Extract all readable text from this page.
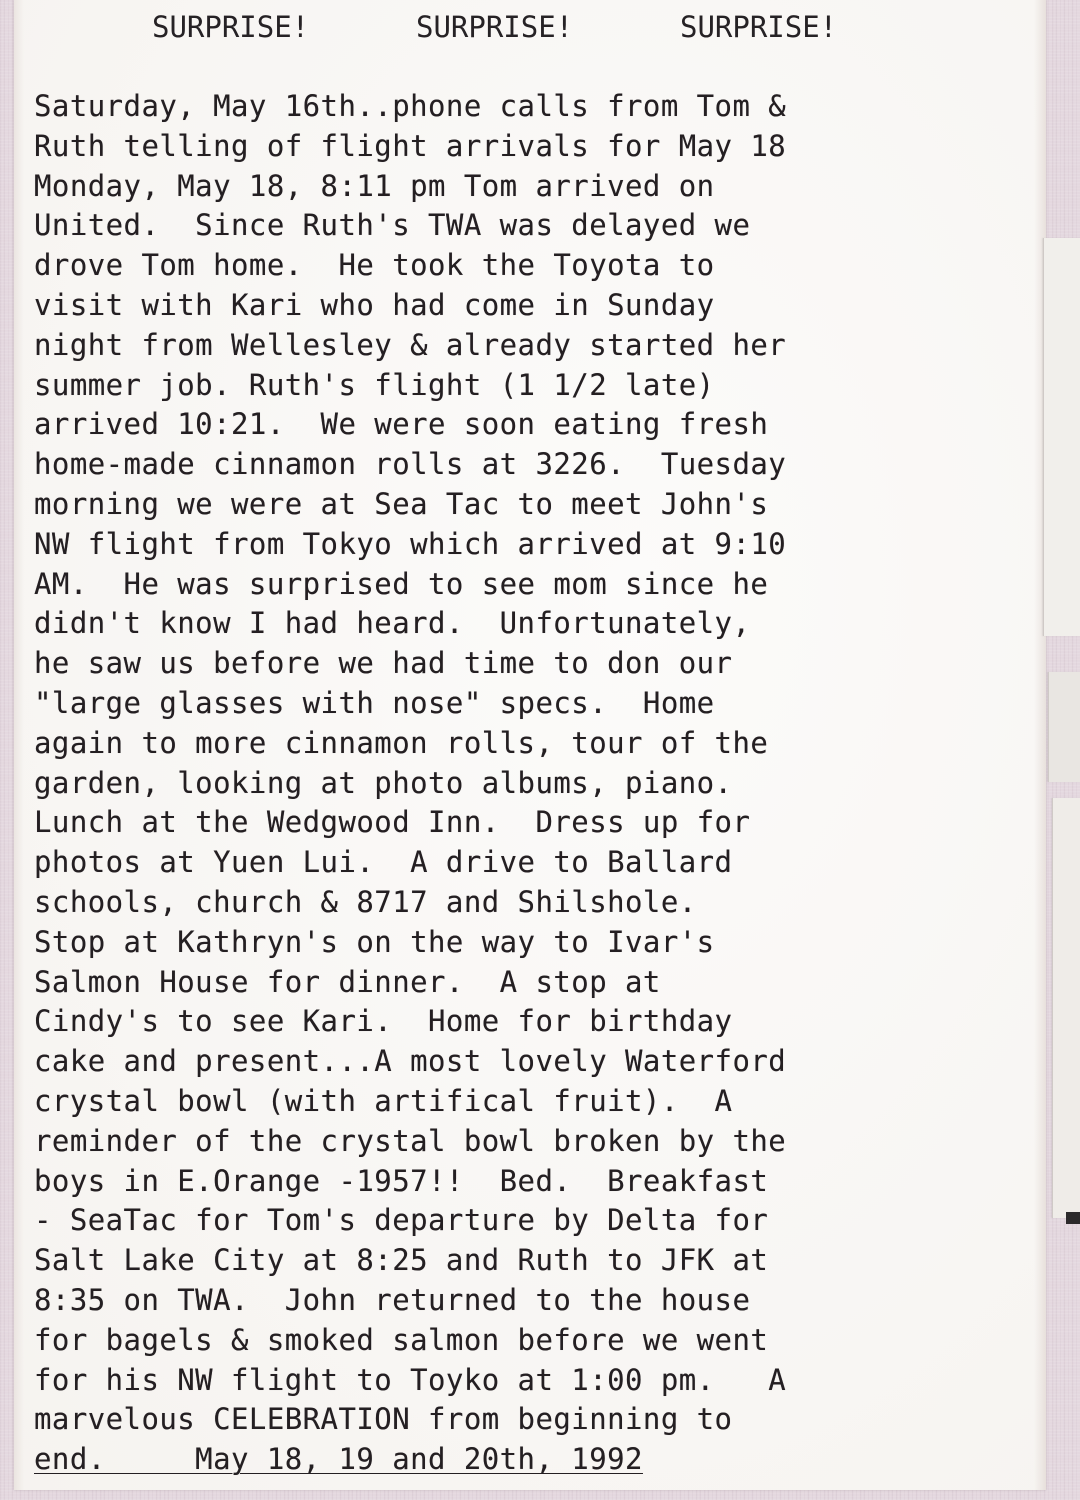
SURPRISE!

	SURPRISE!

	SURPRISE!

Saturday, May 16th..phone calls from Tom &
Ruth telling of flight arrivals for May 18
Monday, May 18, 8:11 pm Tom arrived on
United.  Since Ruth's TWA was delayed we
drove Tom home.  He took the Toyota to
visit with Kari who had come in Sunday
night from Wellesley & already started her
summer job. Ruth's flight (1 1/2 late)
arrived 10:21.  We were soon eating fresh
home-made cinnamon rolls at 3226.  Tuesday
morning we were at Sea Tac to meet John's
NW flight from Tokyo which arrived at 9:10
AM.  He was surprised to see mom since he
didn't know I had heard.  Unfortunately,
he saw us before we had time to don our
"large glasses with nose" specs.  Home
again to more cinnamon rolls, tour of the
garden, looking at photo albums, piano.
Lunch at the Wedgwood Inn.  Dress up for
photos at Yuen Lui.  A drive to Ballard
schools, church & 8717 and Shilshole.
Stop at Kathryn's on the way to Ivar's
Salmon House for dinner.  A stop at
Cindy's to see Kari.  Home for birthday
cake and present...A most lovely Waterford
crystal bowl (with artifical fruit).  A
reminder of the crystal bowl broken by the
boys in E.Orange -1957!!  Bed.  Breakfast
- SeaTac for Tom's departure by Delta for
Salt Lake City at 8:25 and Ruth to JFK at
8:35 on TWA.  John returned to the house
for bagels & smoked salmon before we went
for his NW flight to Toyko at 1:00 pm.   A
marvelous CELEBRATION from beginning to
end.     May 18, 19 and 20th, 1992
